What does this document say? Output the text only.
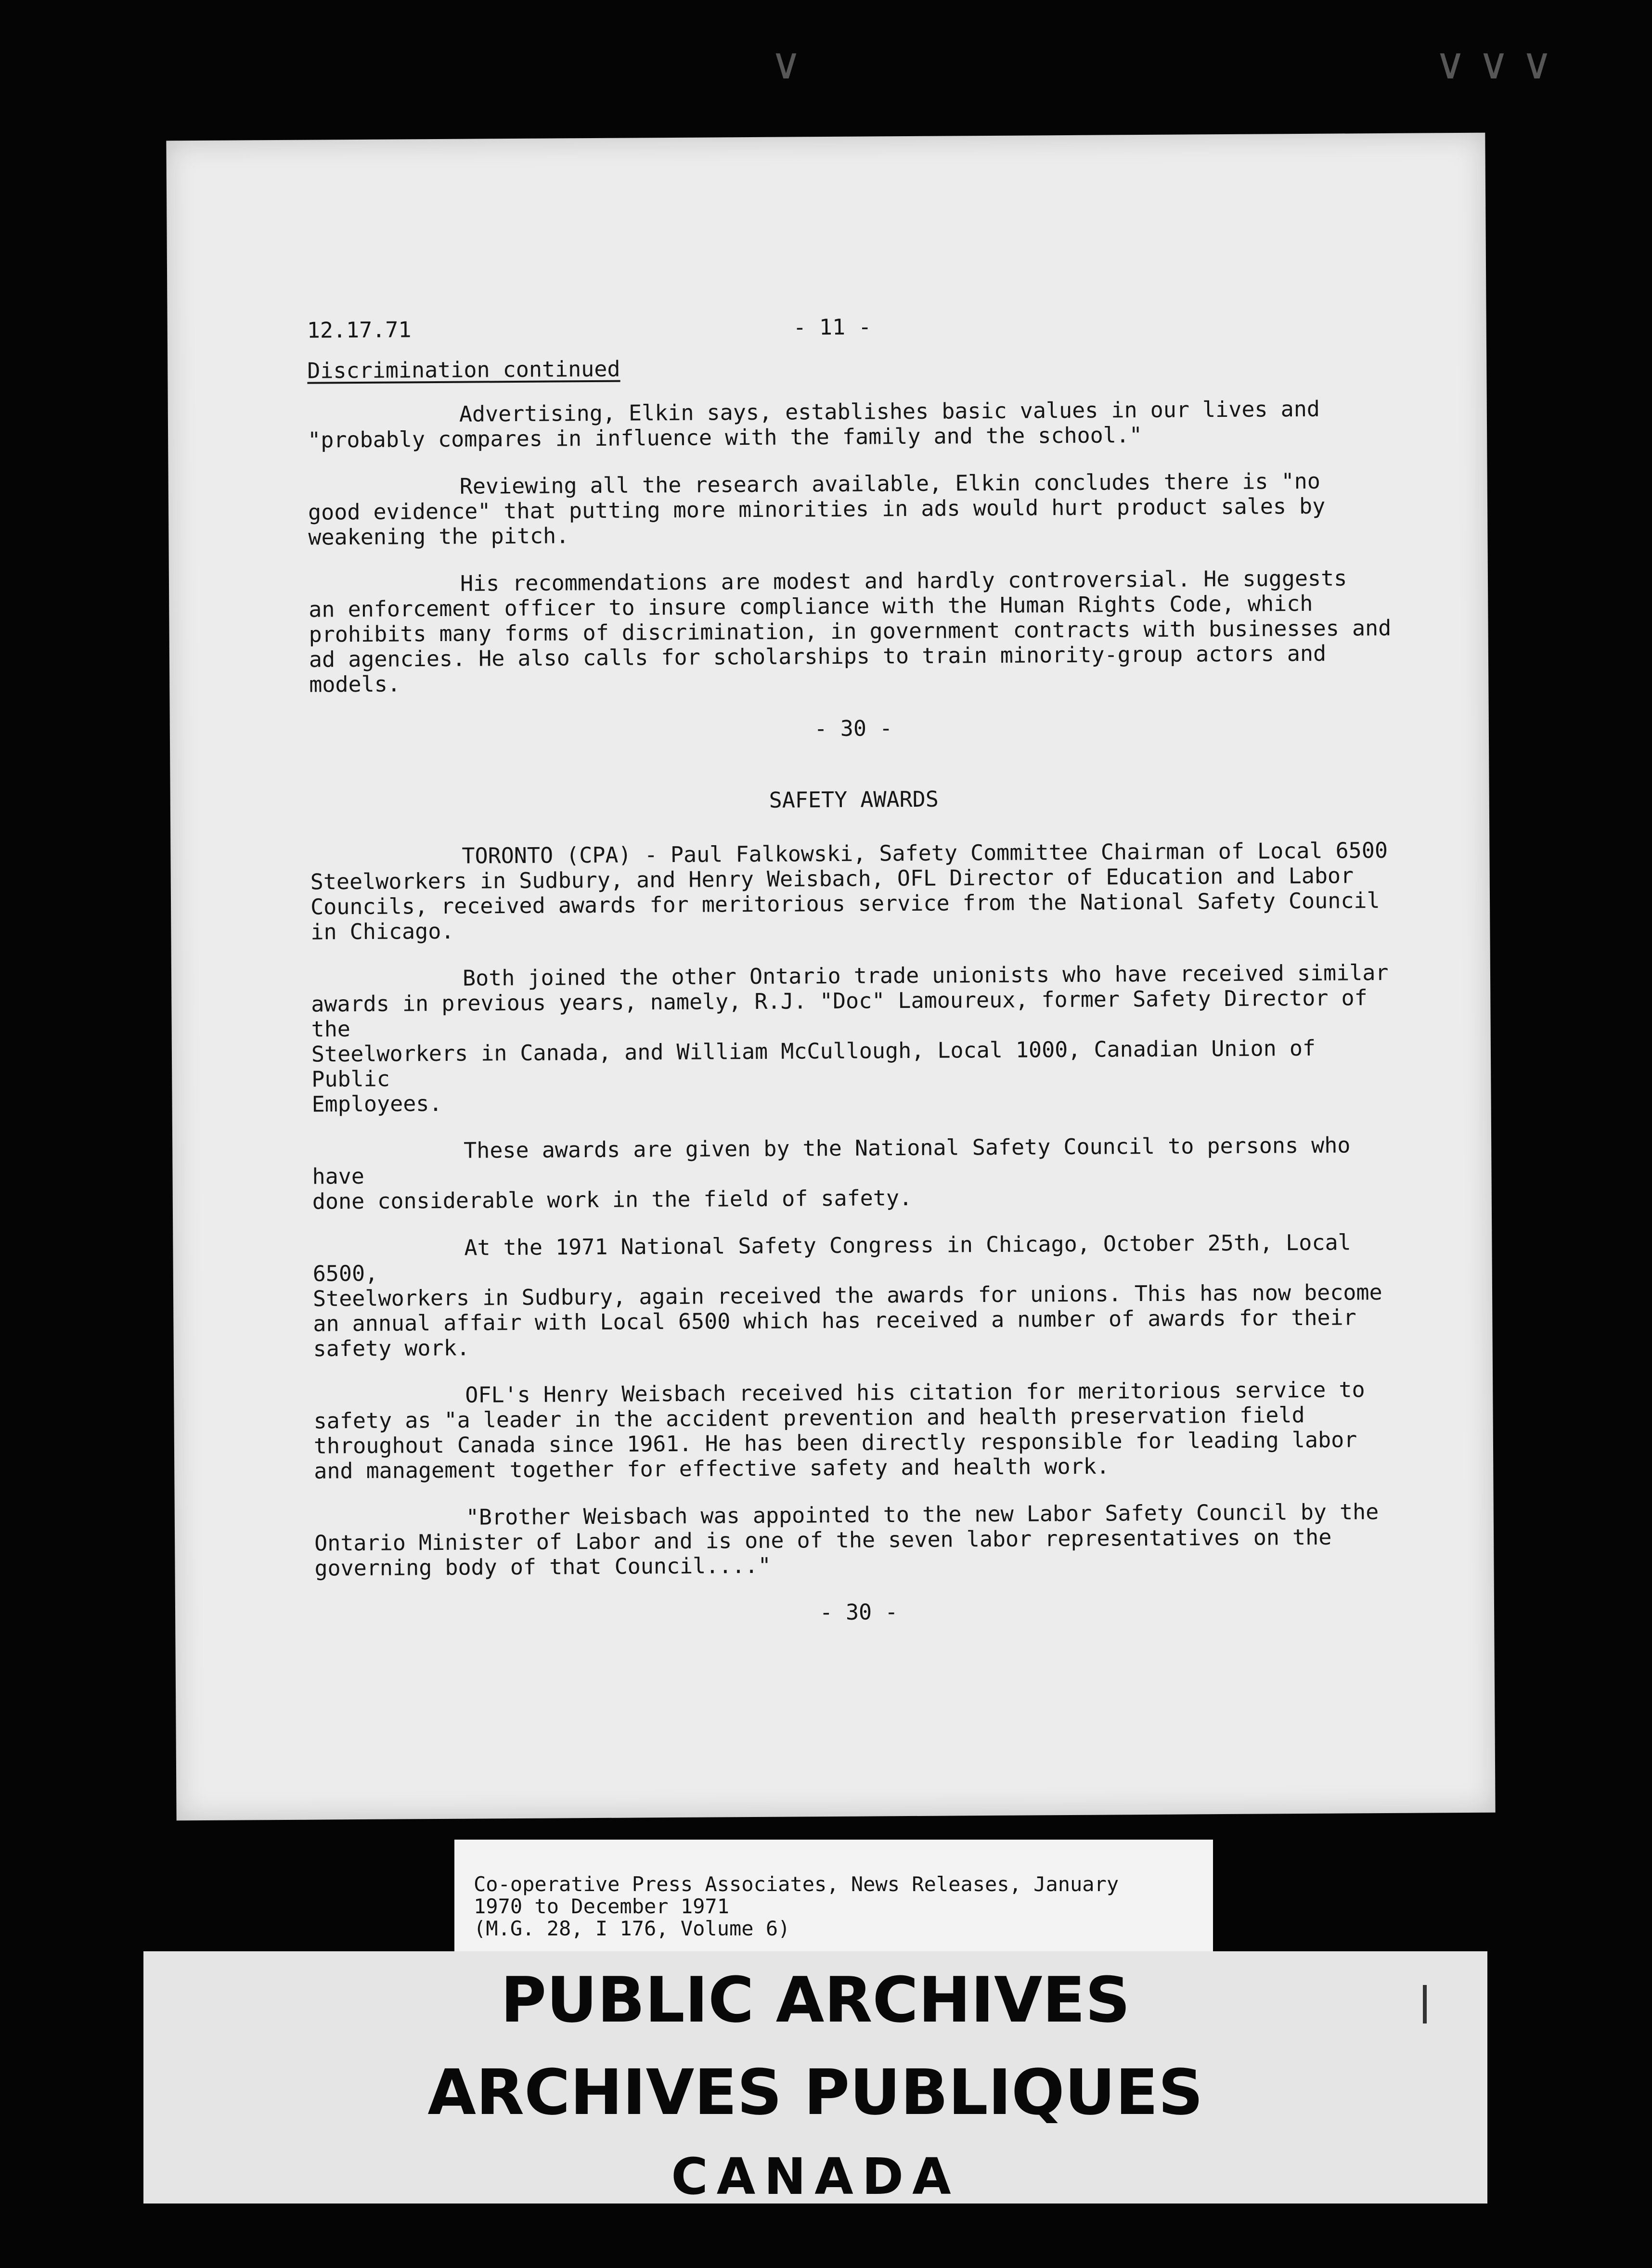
∨	∨ ∨ ∨
12.17.71	- 11 -
Discrimination continued

Advertising, Elkin says, establishes basic values in our lives and
"probably compares in influence with the family and the school."

Reviewing all the research available, Elkin concludes there is "no
good evidence" that putting more minorities in ads would hurt product sales by
weakening the pitch.

His recommendations are modest and hardly controversial. He suggests
an enforcement officer to insure compliance with the Human Rights Code, which
prohibits many forms of discrimination, in government contracts with businesses and
ad agencies. He also calls for scholarships to train minority-group actors and
models.

- 30 -
SAFETY AWARDS

TORONTO (CPA) - Paul Falkowski, Safety Committee Chairman of Local 6500
Steelworkers in Sudbury, and Henry Weisbach, OFL Director of Education and Labor
Councils, received awards for meritorious service from the National Safety Council
in Chicago.

Both joined the other Ontario trade unionists who have received similar
awards in previous years, namely, R.J. "Doc" Lamoureux, former Safety Director of the
Steelworkers in Canada, and William McCullough, Local 1000, Canadian Union of Public
Employees.

These awards are given by the National Safety Council to persons who have
done considerable work in the field of safety.

At the 1971 National Safety Congress in Chicago, October 25th, Local 6500,
Steelworkers in Sudbury, again received the awards for unions. This has now become
an annual affair with Local 6500 which has received a number of awards for their
safety work.

OFL's Henry Weisbach received his citation for meritorious service to
safety as "a leader in the accident prevention and health preservation field
throughout Canada since 1961. He has been directly responsible for leading labor
and management together for effective safety and health work.

"Brother Weisbach was appointed to the new Labor Safety Council by the
Ontario Minister of Labor and is one of the seven labor representatives on the
governing body of that Council...."

- 30 -
Co-operative Press Associates, News Releases, January
1970 to December 1971
(M.G. 28, I 176, Volume 6)
PUBLIC ARCHIVES
ARCHIVES PUBLIQUES
CANADA
